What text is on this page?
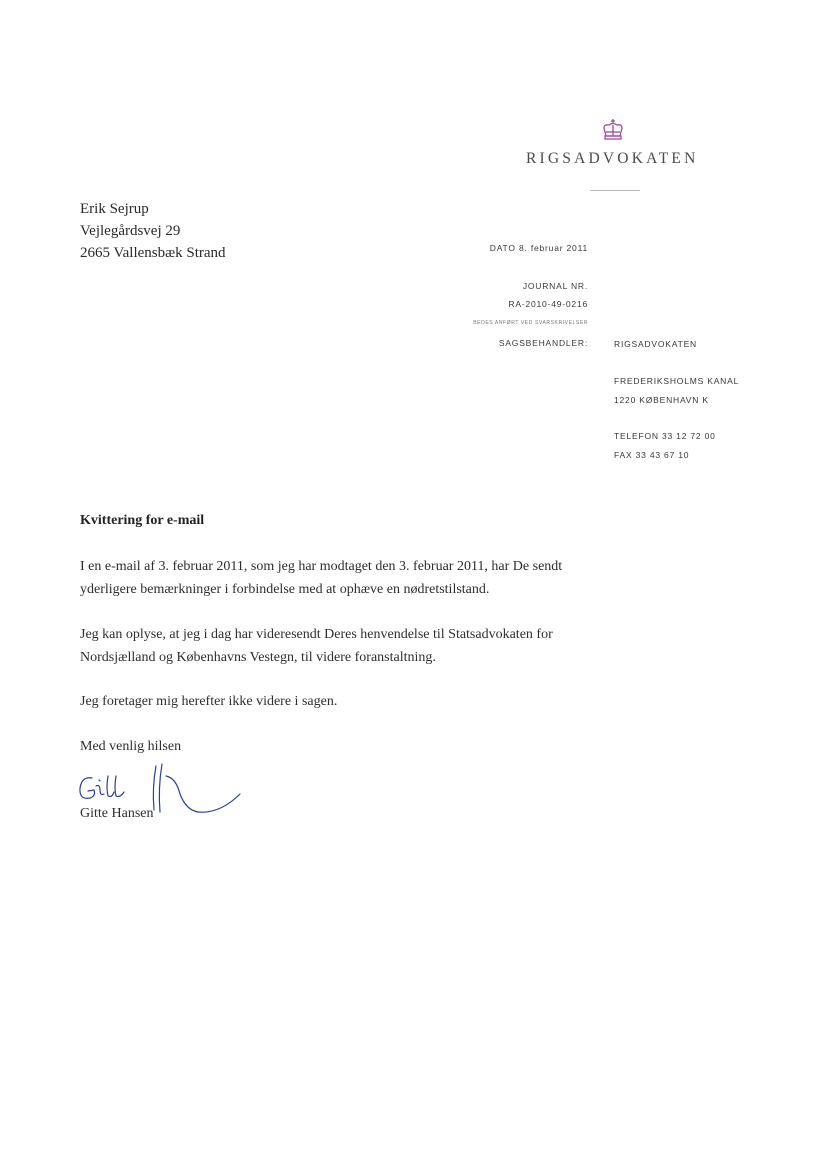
RIGSADVOKATEN
Erik Sejrup
Vejlegårdsvej 29
2665 Vallensbæk Strand	DATO 8. februar 2011
JOURNAL NR.
RA-2010-49-0216
BEDES ANFØRT VED SVARSKRIVELSER
SAGSBEHANDLER:	RIGSADVOKATEN
FREDERIKSHOLMS KANAL
1220 KØBENHAVN K
TELEFON 33 12 72 00
FAX 33 43 67 10
Kvittering for e-mail
I en e-mail af 3. februar 2011, som jeg har modtaget den 3. februar 2011, har De sendt yderligere bemærkninger i forbindelse med at ophæve en nødretstilstand.
Jeg kan oplyse, at jeg i dag har videresendt Deres henvendelse til Statsadvokaten for Nordsjælland og Københavns Vestegn, til videre foranstaltning.
Jeg foretager mig herefter ikke videre i sagen.
Med venlig hilsen
Gitte Hansen
